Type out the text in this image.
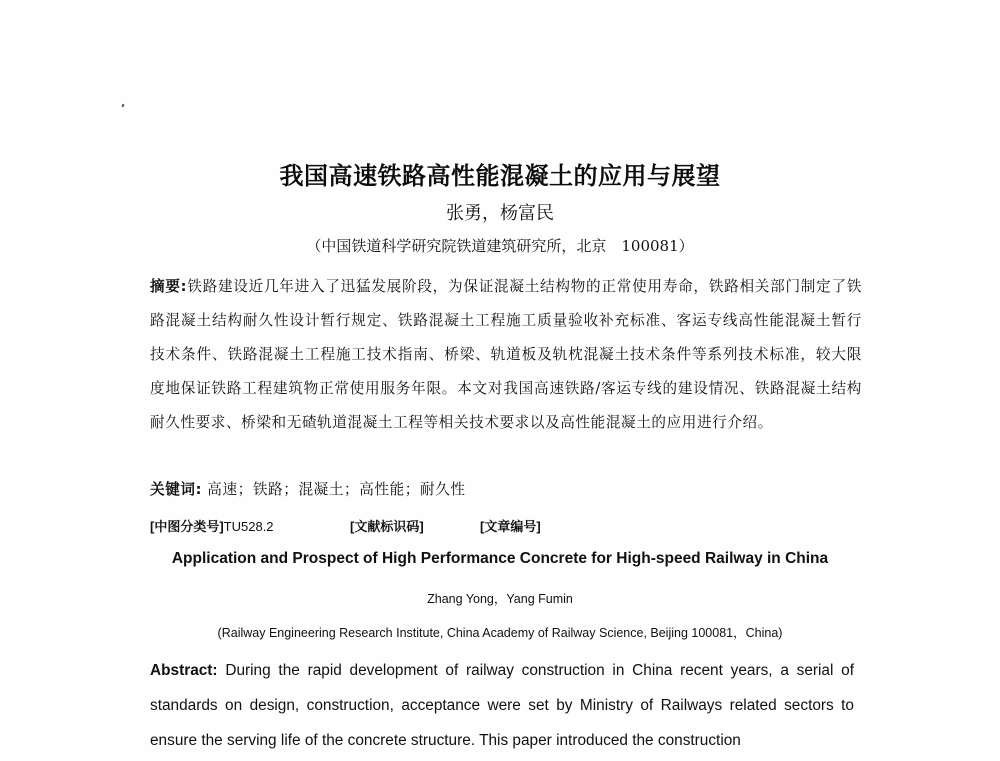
我国高速铁路高性能混凝土的应用与展望
张勇，杨富民
（中国铁道科学研究院铁道建筑研究所，北京　100081）
摘要:铁路建设近几年进入了迅猛发展阶段，为保证混凝土结构物的正常使用寿命，铁路相关部门制定了铁路混凝土结构耐久性设计暂行规定、铁路混凝土工程施工质量验收补充标准、客运专线高性能混凝土暂行技术条件、铁路混凝土工程施工技术指南、桥梁、轨道板及轨枕混凝土技术条件等系列技术标准，较大限度地保证铁路工程建筑物正常使用服务年限。本文对我国高速铁路/客运专线的建设情况、铁路混凝土结构耐久性要求、桥梁和无碴轨道混凝土工程等相关技术要求以及高性能混凝土的应用进行介绍。
关键词: 高速；铁路；混凝土；高性能；耐久性
[中图分类号]TU528.2	[文献标识码]	[文章编号]
Application and Prospect of High Performance Concrete for High-speed Railway in China
Zhang Yong，Yang Fumin
(Railway Engineering Research Institute, China Academy of Railway Science, Beijing 100081，China)
Abstract: During the rapid development of railway construction in China recent years, a serial of standards on design, construction, acceptance were set by Ministry of Railways related sectors to ensure the serving life of the concrete structure. This paper introduced the construction
